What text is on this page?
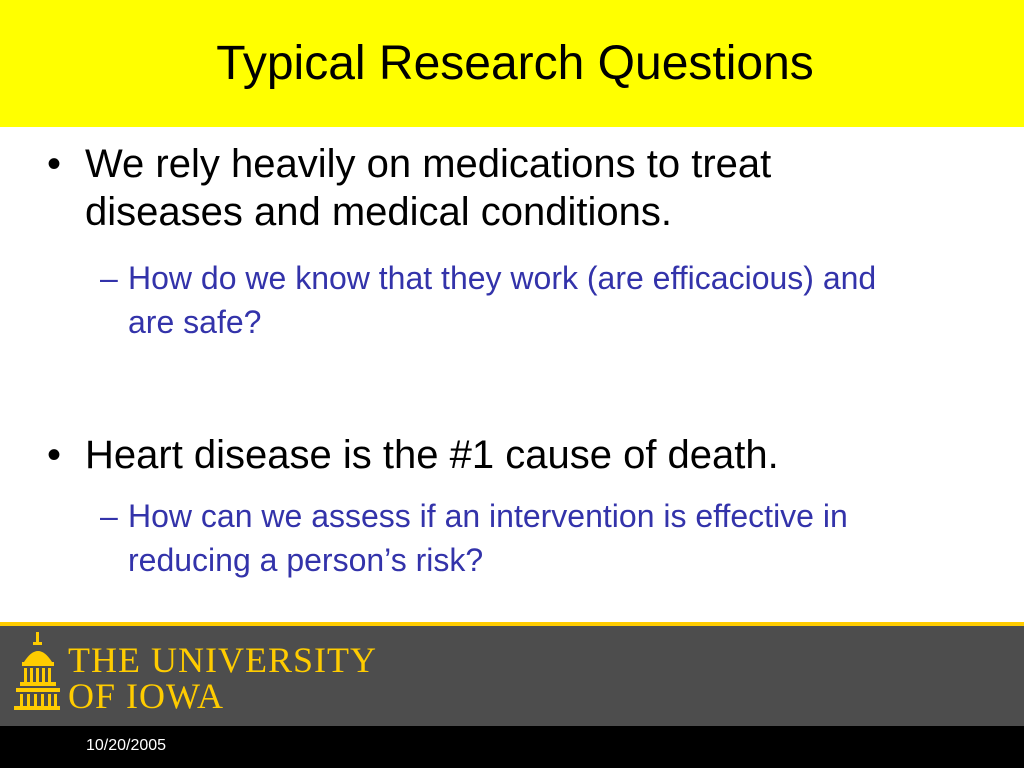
Typical Research Questions
• We rely heavily on medications to treat diseases and medical conditions.
– How do we know that they work (are efficacious) and are safe?
• Heart disease is the #1 cause of death.
– How can we assess if an intervention is effective in reducing a person’s risk?
THE UNIVERSITY
OF IOWA
10/20/2005
